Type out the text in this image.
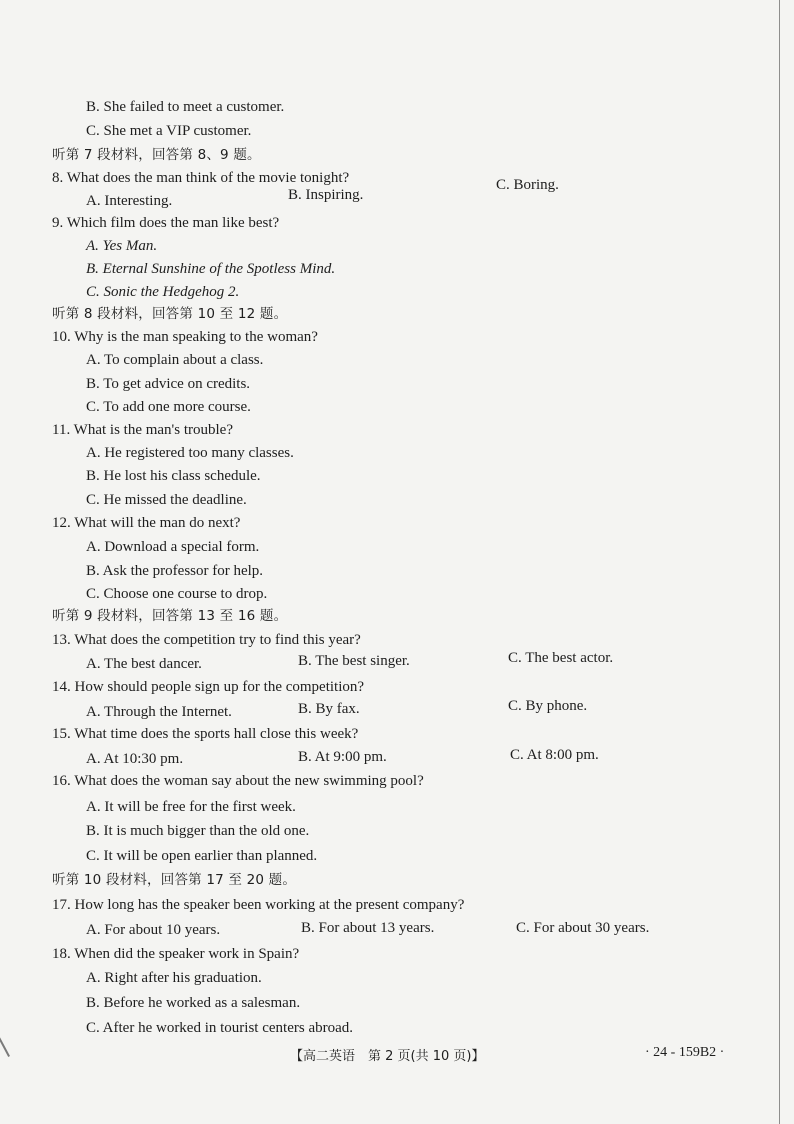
B. She failed to meet a customer.
C. She met a VIP customer.
听第 7 段材料，回答第 8、9 题。
8. What does the man think of the movie tonight?
A. Interesting.	B. Inspiring.
C. Boring.
9. Which film does the man like best?
A. Yes Man.
B. Eternal Sunshine of the Spotless Mind.
C. Sonic the Hedgehog 2.
听第 8 段材料，回答第 10 至 12 题。
10. Why is the man speaking to the woman?
A. To complain about a class.
B. To get advice on credits.
C. To add one more course.
11. What is the man's trouble?
A. He registered too many classes.
B. He lost his class schedule.
C. He missed the deadline.
12. What will the man do next?
A. Download a special form.
B. Ask the professor for help.
C. Choose one course to drop.
听第 9 段材料，回答第 13 至 16 题。
13. What does the competition try to find this year?
A. The best dancer.	B. The best singer.	C. The best actor.
14. How should people sign up for the competition?
A. Through the Internet.	B. By fax.	C. By phone.
15. What time does the sports hall close this week?
A. At 10:30 pm.	B. At 9:00 pm.	C. At 8:00 pm.
16. What does the woman say about the new swimming pool?
A. It will be free for the first week.
B. It is much bigger than the old one.
C. It will be open earlier than planned.
听第 10 段材料，回答第 17 至 20 题。
17. How long has the speaker been working at the present company?
A. For about 10 years.	B. For about 13 years.	C. For about 30 years.
18. When did the speaker work in Spain?
A. Right after his graduation.
B. Before he worked as a salesman.
C. After he worked in tourist centers abroad.
【高二英语　第 2 页(共 10 页)】	· 24 - 159B2 ·
